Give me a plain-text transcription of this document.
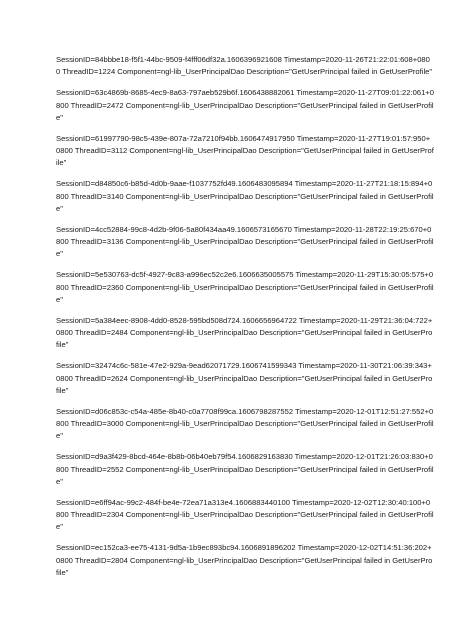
SessionID=84bbbe18-f5f1-44bc-9509-f4fff06df32a.1606396921608 Timestamp=2020-11-26T21:22:01:608+0800 ThreadID=1224 Component=ngl-lib_UserPrincipalDao Description="GetUserPrincipal failed in GetUserProfile"

SessionID=63c4869b-8685-4ec9-8a63-797aeb529b6f.1606438882061 Timestamp=2020-11-27T09:01:22:061+0800 ThreadID=2472 Component=ngl-lib_UserPrincipalDao Description="GetUserPrincipal failed in GetUserProfile"

SessionID=61997790-98c5-439e-807a-72a7210f94bb.1606474917950 Timestamp=2020-11-27T19:01:57:950+0800 ThreadID=3112 Component=ngl-lib_UserPrincipalDao Description="GetUserPrincipal failed in GetUserProfile"

SessionID=d84850c6-b85d-4d0b-9aae-f1037752fd49.1606483095894 Timestamp=2020-11-27T21:18:15:894+0800 ThreadID=3140 Component=ngl-lib_UserPrincipalDao Description="GetUserPrincipal failed in GetUserProfile"

SessionID=4cc52884-99c8-4d2b-9f06-5a80f434aa49.1606573165670 Timestamp=2020-11-28T22:19:25:670+0800 ThreadID=3136 Component=ngl-lib_UserPrincipalDao Description="GetUserPrincipal failed in GetUserProfile"

SessionID=5e530763-dc5f-4927-9c83-a996ec52c2e6.1606635005575 Timestamp=2020-11-29T15:30:05:575+0800 ThreadID=2360 Component=ngl-lib_UserPrincipalDao Description="GetUserPrincipal failed in GetUserProfile"

SessionID=5a384eec-8908-4dd0-8528-595bd508d724.1606656964722 Timestamp=2020-11-29T21:36:04:722+0800 ThreadID=2484 Component=ngl-lib_UserPrincipalDao Description="GetUserPrincipal failed in GetUserProfile"

SessionID=32474c6c-581e-47e2-929a-9ead62071729.1606741599343 Timestamp=2020-11-30T21:06:39:343+0800 ThreadID=2624 Component=ngl-lib_UserPrincipalDao Description="GetUserPrincipal failed in GetUserProfile"

SessionID=d06c853c-c54a-485e-8b40-c0a7708f99ca.1606798287552 Timestamp=2020-12-01T12:51:27:552+0800 ThreadID=3000 Component=ngl-lib_UserPrincipalDao Description="GetUserPrincipal failed in GetUserProfile"

SessionID=d9a3f429-8bcd-464e-8b8b-06b40eb79f54.1606829163830 Timestamp=2020-12-01T21:26:03:830+0800 ThreadID=2552 Component=ngl-lib_UserPrincipalDao Description="GetUserPrincipal failed in GetUserProfile"

SessionID=e6ff94ac-99c2-484f-be4e-72ea71a313e4.1606883440100 Timestamp=2020-12-02T12:30:40:100+0800 ThreadID=2304 Component=ngl-lib_UserPrincipalDao Description="GetUserPrincipal failed in GetUserProfile"

SessionID=ec152ca3-ee75-4131-9d5a-1b9ec893bc94.1606891896202 Timestamp=2020-12-02T14:51:36:202+0800 ThreadID=2804 Component=ngl-lib_UserPrincipalDao Description="GetUserPrincipal failed in GetUserProfile"
